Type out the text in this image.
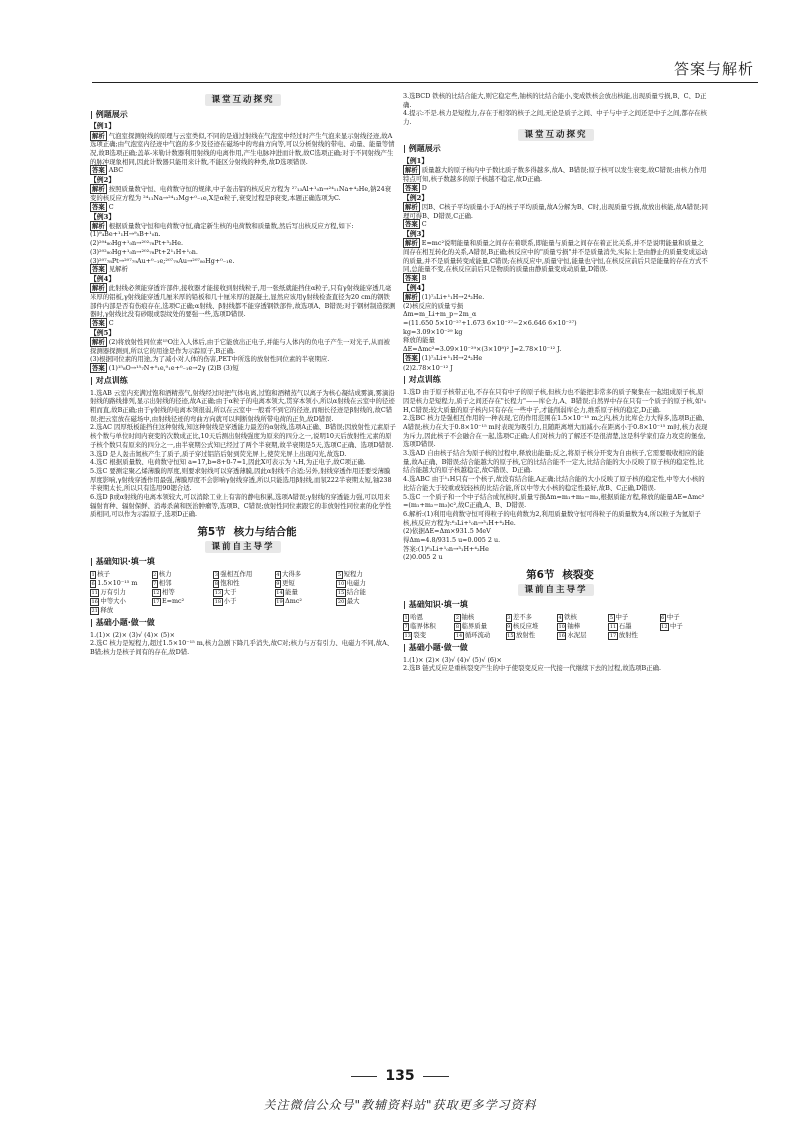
答案与解析
课堂互动探究
| 例题展示
【例1】
解析 气泡室探测射线的原理与云室类似,不同的是通过射线在气泡室中经过时产生气泡来显示射线径迹,故A选项正确;由气泡室内径迹中气泡的多少及径迹在磁场中的弯曲方向等,可以分析射线的带电、动量、能量等情况,故B选项正确;盖革-米勒计数器利用射线的电离作用,产生电脉冲进而计数,故C选项正确;对于不同射线产生的脉冲现象相同,因此计数器只能用来计数,不能区分射线的种类,故D选项错误.
答案 ABC
【例2】
解析 按照质量数守恒、电荷数守恒的规律,中子轰击铝的核反应方程为 ²⁷₁₃Al+¹₀n→²⁴₁₁Na+⁴₂He,钠24衰变的核反应方程为 ²⁴₁₁Na→²⁴₁₂Mg+⁰₋₁e,X是α粒子,衰变过程是β衰变,本题正确选项为C.
答案 C
【例3】
解析 根据质量数守恒和电荷数守恒,确定新生核的电荷数和质量数,然后写出核反应方程,如下:
(1)⁹₄Be+¹₁H→⁹₅B+¹₀n.
(2)²⁰⁴₈₀Hg+¹₀n→²⁰²₇₈Pt+³₂He.
(3)²⁰²₈₀Hg+¹₀n→²⁰²₇₈Pt+2¹₁H+¹₀n.
(3)²⁰⁷₇₈Pt→²⁰⁷₇₉Au+⁰₋₁e;²⁰⁷₇₉Au→²⁰⁷₈₀Hg+⁰₋₁e.
答案 见解析
【例4】
解析 此射线必须能穿透许部件,接收器才能接收到射线粒子,用一张纸就能挡住α粒子,只有γ射线能穿透几毫米厚的铝板,γ射线能穿透几厘米厚的铅板和几十厘米厚的混凝土,显然应该用γ射线检查直径为20 cm的钢铁部件内部是否有伤痕存在,选项C正确;α射线、β射线都不能穿透钢铁部件,故选项A、B错误;对于钢材制造探测器时,γ射线比没有砂眼或裂纹处的要强一些,选项D错误.
答案 C
【例5】
解析 (2)将放射性同位素¹⁵O注入人体后,由于它能放出正电子,并能与人体内的负电子产生一对光子,从而被探测器探测到,所以它的用途是作为示踪原子,B正确.
(3)根据同位素的用途,为了减小对人体的伤害,PET中所选的放射性同位素的半衰期应.
答案 (1)¹⁵₈O→¹⁵₇N+⁰₁e,⁰₁e+⁰₋₁e→2γ (2)B (3)短
| 对点训练
1.选AB 云室内充满过饱和酒精蒸气,射线经过时把气体电离,过饱和酒精蒸气以离子为核心凝结成雾滴,雾滴沿射线的路线排列,显示出射线的径迹,故A正确;由于α粒子的电离本领大,贯穿本领小,所以α射线在云室中的径迹粗而直,故B正确;由于γ射线的电离本领很弱,所以在云室中一般看不到它的径迹,而细长径迹是β射线的,故C错误;把云室放在磁场中,由射线径迹的弯曲方向就可以判断射线所带电荷的正负,故D错误.
2.选AC 因厚纸板能挡住这种射线,知这种射线是穿透能力最差的α射线,选项A正确、B错误;因放射性元素原子核个数与单位时间内衰变的次数成正比,10天后测出射线强度为原来的四分之一,说明10天后放射性元素的原子核个数只有原来的四分之一,由半衰期公式知已经过了两个半衰期,故半衰期是5天,选项C正确、选项D错误.
3.选D 是人轰击氮核产生了质子,质子穿过铝箔后射到荧光屏上,使荧光屏上出现闪光,故选D.
4.选C 根据质量数、电荷数守恒知 a=17,b=8+0-7=1,因此X可表示为 ¹₁H,为正电子,故C项正确.
5.选C 要测定聚乙烯薄膜的厚度,则要求射线可以穿透薄膜,因此α射线不合适;另外,射线穿透作用还要受薄膜厚度影响,γ射线穿透作用最强,薄膜厚度不会影响γ射线穿透,所以只能选用β射线,而氡222半衰期太短,铀238半衰期太长,所以只有选用90锶合适.
6.选D β或α射线的电离本领较大,可以消除工业上有害的静电积累,选项A错误;γ射线的穿透能力强,可以用来辐射育种、辐射保鲜、消毒杀菌和医治肿瘤等,选项B、C错误;放射性同位素跟它的非放射性同位素的化学性质相同,可以作为示踪原子,选项D正确.
第5节 核力与结合能
课前自主导学
| 基础知识·填一填
1 核子	2 核力	3 强相互作用	4 大得多	5 短程力
6 1.5×10⁻¹⁵ m	7 相邻	8 饱和性	9 更短	10 电磁力
11 万有引力	12 相等	13 大于	14 能量	15 结合能
16 中等大小	17 E=mc²	18 小于	19 Δmc²	20 最大
21 释放
| 基础小题·做一做
1.(1)× (2)× (3)√ (4)× (5)×
2.选C 核力是短程力,超过1.5×10⁻¹⁵ m,核力急剧下降几乎消失,故C对;核力与万有引力、电磁力不同,故A、B错;核力是核子间有的存在,故D错.
3.选BCD 铁核的比结合能大,则它稳定些,铀核的比结合能小,变成铁核会放出核能,出现质量亏损,B、C、D正确.
4.提示:不是.核力是短程力,存在于相邻的核子之间,无论是质子之间、中子与中子之间还是中子之间,都存在核力.
课堂互动探究
| 例题展示
【例1】
解析 质量越大的原子核内中子数比质子数多得越多,故A、B错误;原子核可以发生衰变,故C错误;由核力作用特点可知,核子数越多的原子核越不稳定,故D正确.
答案 D
【例2】
解析 因B、C核子平均质量小于A的核子平均质量,故A分解为B、C时,出现质量亏损,故放出核能,故A错误;同理可得B、D错误,C正确.
答案 C
【例3】
解析 E=mc²说明能量和质量之间存在着联系,即能量与质量之间存在着正比关系,并不是说明能量和质量之间存在相互转化的关系,A错误,B正确;核反应中的"质量亏损"并不是质量消失,实际上是由静止的质量变成运动的质量,并不是质量转变成能量,C错误;在核反应中,质量守恒,能量也守恒,在核反应前后只是能量的存在方式不同,总能量不变,在核反应前后只是物质的质量由静质量变成动质量,D错误.
答案 B
【例4】
解析 (1)⁷₃Li+¹₁H→2⁴₂He.
(2)核反应的质量亏损
Δm=m_Li+m_p−2m_α
=(11.650 5×10⁻²⁷+1.673 6×10⁻²⁷−2×6.646 6×10⁻²⁷)
kg=3.09×10⁻²⁹ kg
释放的能量
ΔE=Δmc²=3.09×10⁻²⁹×(3×10⁸)² J≈2.78×10⁻¹² J.
答案 (1)⁷₃Li+¹₁H→2⁴₂He
(2)2.78×10⁻¹² J
| 对点训练
1.选D 由于原子核带正电,不存在只有中子的原子核,但核力也不能把非常多的质子聚集在一起组成原子核,原因是核力是短程力,质子之间还存在"长程力"——库仑力,A、B错误;自然界中存在只有一个质子的原子核,如¹₁H,C错误;较大质量的原子核内只有存在一些中子,才能削弱库仑力,维系原子核的稳定,D正确.
2.选BC 核力是强相互作用的一种表现,它的作用范围在1.5×10⁻¹⁵ m之内,核力比库仑力大得多,选项B正确、A错误;核力在大于0.8×10⁻¹⁵ m时表现为吸引力,且随距离增大而减小;在距离小于0.8×10⁻¹⁵ m时,核力表现为斥力,因此核子不会融合在一起,选项C正确;人们对核力的了解还不是很清楚,这是科学家们奋力攻克的堡垒,选项D错误.
3.选AD 自由核子结合为原子核的过程中,释放出能量;反之,将原子核分开变为自由核子,它需要吸收相应的能量,故A正确、B错误;结合能越大的原子核,它的比结合能不一定大,比结合能的大小反映了原子核的稳定性,比结合能越大的原子核越稳定,故C错误、D正确.
4.选ABC 由于¹₁H只有一个核子,故没有结合能,A正确;比结合能的大小反映了原子核的稳定性,中等大小核的比结合能大于较重或较轻核的比结合能,所以中等大小核的稳定性最好,故B、C正确,D错误.
5.选C 一个质子和一个中子结合成氘核时,质量亏损Δm=m₁+m₂−m₃,根据质能方程,释放的能量ΔE=Δmc²=(m₁+m₂−m₃)c²,故C正确,A、B、D错误.
6.解析:(1)利用电荷数守恒可得粒子的电荷数为2,利用质量数守恒可得粒子的质量数为4,所以粒子为氦原子核,核反应方程为:⁶₃Li+¹₀n→³₁H+⁴₂He.
(2)依据ΔE=Δm×931.5 MeV
得Δm=4.8/931.5 u≈0.005 2 u.
答案:(1)⁶₃Li+¹₀n→³₁H+⁴₂He
(2)0.005 2 u
第6节 核裂变
课前自主导学
| 基础知识·填一填
1 哈恩	2 铀核	3 差不多	4 铁核	5 中子	6 中子
7 临界体积	8 临界质量	9 核反应堆	10 铀棒	11 石墨	12 中子
13 裂变	14 循环流动	15 放射性	16 水泥层	17 放射性
| 基础小题·做一做
1.(1)× (2)× (3)√ (4)√ (5)√ (6)×
2.选B 链式反应是重核裂变产生的中子使裂变反应一代接一代继续下去的过程,故选项B正确.
135
关注微信公众号"教辅资料站"获取更多学习资料
